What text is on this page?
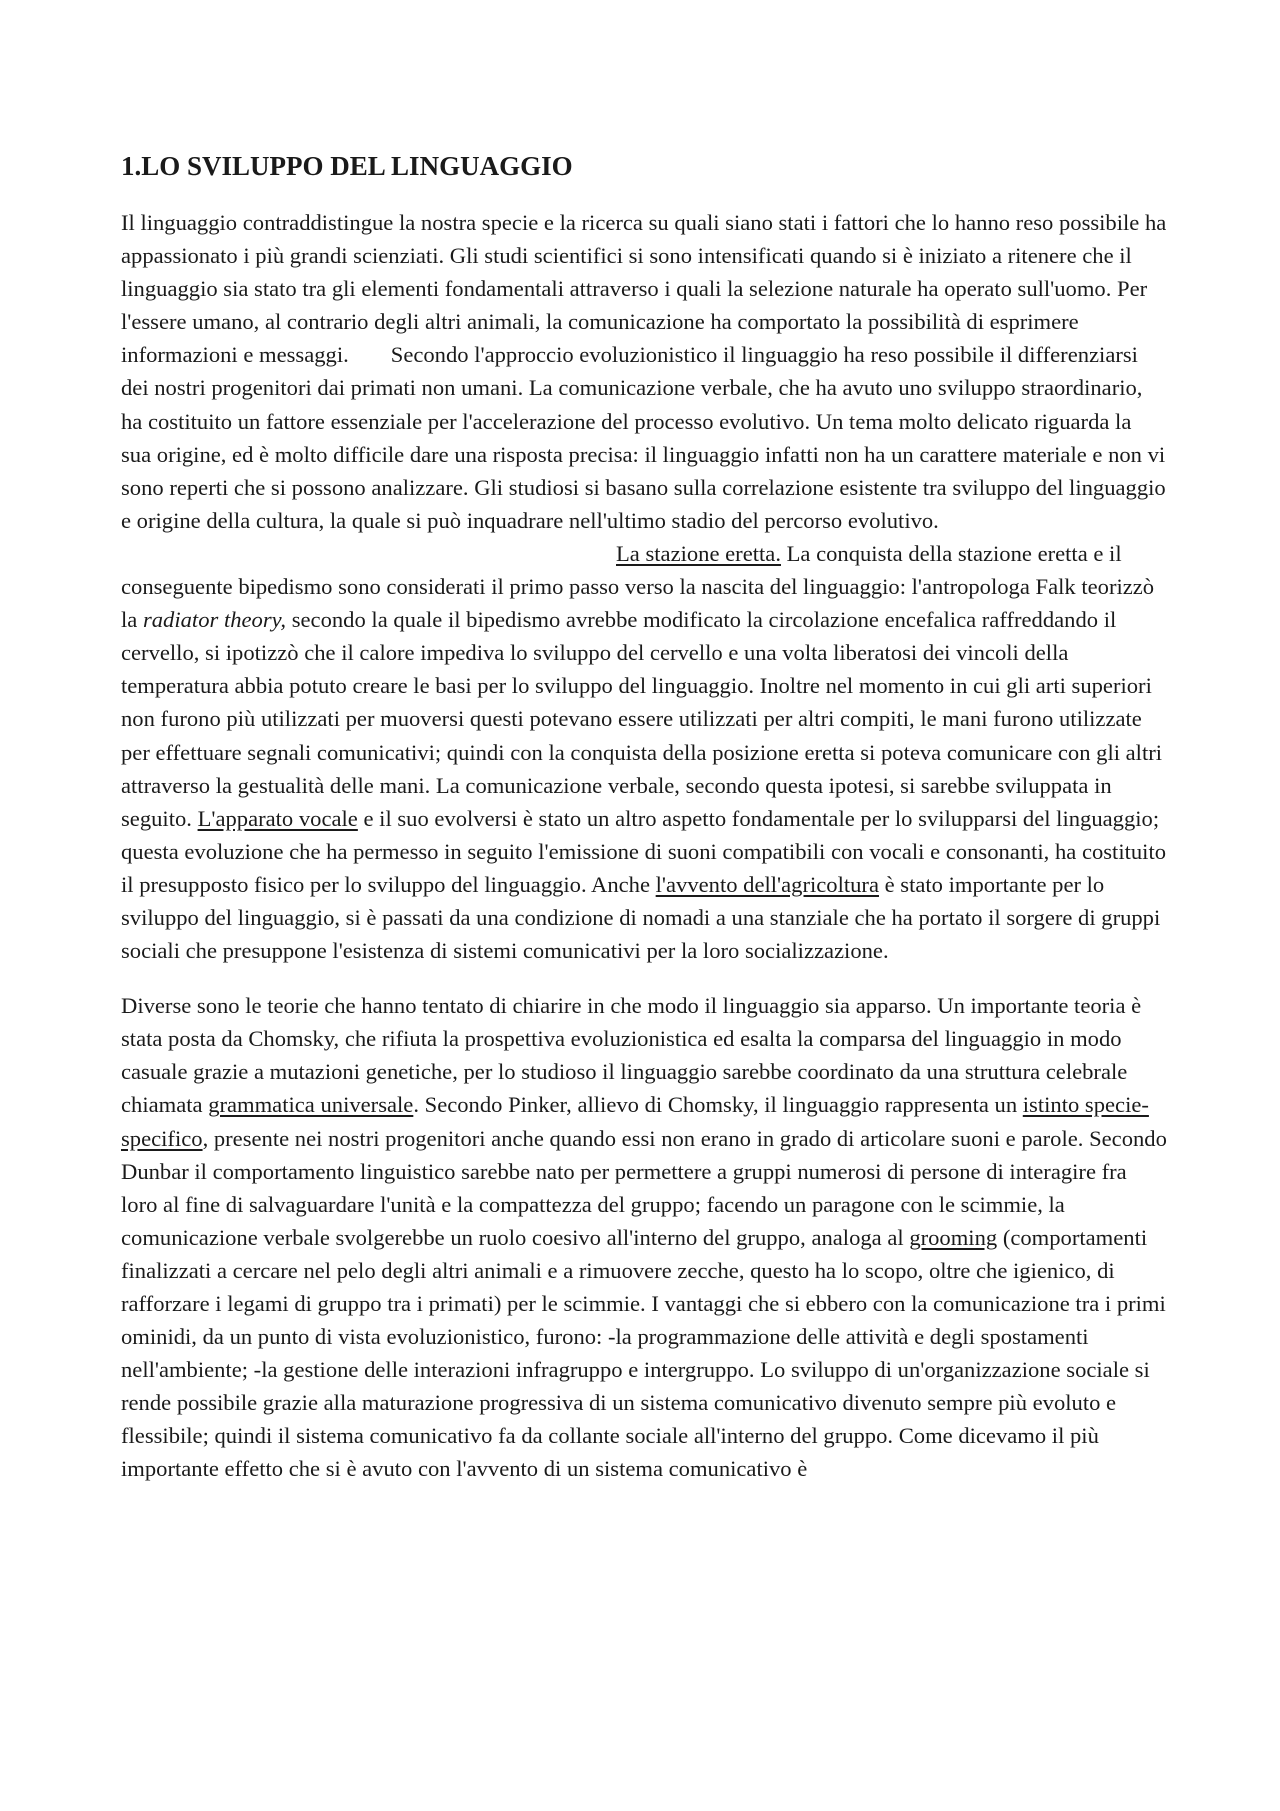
1.LO SVILUPPO DEL LINGUAGGIO

Il linguaggio contraddistingue la nostra specie e la ricerca su quali siano stati i fattori che lo hanno reso possibile ha appassionato i più grandi scienziati. Gli studi scientifici si sono intensificati quando si è iniziato a ritenere che il linguaggio sia stato tra gli elementi fondamentali attraverso i quali la selezione naturale ha operato sull'uomo. Per l'essere umano, al contrario degli altri animali, la comunicazione ha comportato la possibilità di esprimere informazioni e messaggi. Secondo l'approccio evoluzionistico il linguaggio ha reso possibile il differenziarsi dei nostri progenitori dai primati non umani. La comunicazione verbale, che ha avuto uno sviluppo straordinario, ha costituito un fattore essenziale per l'accelerazione del processo evolutivo. Un tema molto delicato riguarda la sua origine, ed è molto difficile dare una risposta precisa: il linguaggio infatti non ha un carattere materiale e non vi sono reperti che si possono analizzare. Gli studiosi si basano sulla correlazione esistente tra sviluppo del linguaggio e origine della cultura, la quale si può inquadrare nell'ultimo stadio del percorso evolutivo.La stazione eretta. La conquista della stazione eretta e il conseguente bipedismo sono considerati il primo passo verso la nascita del linguaggio: l'antropologa Falk teorizzò la radiator theory, secondo la quale il bipedismo avrebbe modificato la circolazione encefalica raffreddando il cervello, si ipotizzò che il calore impediva lo sviluppo del cervello e una volta liberatosi dei vincoli della temperatura abbia potuto creare le basi per lo sviluppo del linguaggio. Inoltre nel momento in cui gli arti superiori non furono più utilizzati per muoversi questi potevano essere utilizzati per altri compiti, le mani furono utilizzate per effettuare segnali comunicativi; quindi con la conquista della posizione eretta si poteva comunicare con gli altri attraverso la gestualità delle mani. La comunicazione verbale, secondo questa ipotesi, si sarebbe sviluppata in seguito. L'apparato vocale e il suo evolversi è stato un altro aspetto fondamentale per lo svilupparsi del linguaggio; questa evoluzione che ha permesso in seguito l'emissione di suoni compatibili con vocali e consonanti, ha costituito il presupposto fisico per lo sviluppo del linguaggio. Anche l'avvento dell'agricoltura è stato importante per lo sviluppo del linguaggio, si è passati da una condizione di nomadi a una stanziale che ha portato il sorgere di gruppi sociali che presuppone l'esistenza di sistemi comunicativi per la loro socializzazione.

Diverse sono le teorie che hanno tentato di chiarire in che modo il linguaggio sia apparso. Un importante teoria è stata posta da Chomsky, che rifiuta la prospettiva evoluzionistica ed esalta la comparsa del linguaggio in modo casuale grazie a mutazioni genetiche, per lo studioso il linguaggio sarebbe coordinato da una struttura celebrale chiamata grammatica universale. Secondo Pinker, allievo di Chomsky, il linguaggio rappresenta un istinto specie-specifico, presente nei nostri progenitori anche quando essi non erano in grado di articolare suoni e parole. Secondo Dunbar il comportamento linguistico sarebbe nato per permettere a gruppi numerosi di persone di interagire fra loro al fine di salvaguardare l'unità e la compattezza del gruppo; facendo un paragone con le scimmie, la comunicazione verbale svolgerebbe un ruolo coesivo all'interno del gruppo, analoga al grooming (comportamenti finalizzati a cercare nel pelo degli altri animali e a rimuovere zecche, questo ha lo scopo, oltre che igienico, di rafforzare i legami di gruppo tra i primati) per le scimmie. I vantaggi che si ebbero con la comunicazione tra i primi ominidi, da un punto di vista evoluzionistico, furono: -la programmazione delle attività e degli spostamenti nell'ambiente; -la gestione delle interazioni infragruppo e intergruppo. Lo sviluppo di un'organizzazione sociale si rende possibile grazie alla maturazione progressiva di un sistema comunicativo divenuto sempre più evoluto e flessibile; quindi il sistema comunicativo fa da collante sociale all'interno del gruppo. Come dicevamo il più importante effetto che si è avuto con l'avvento di un sistema comunicativo è
